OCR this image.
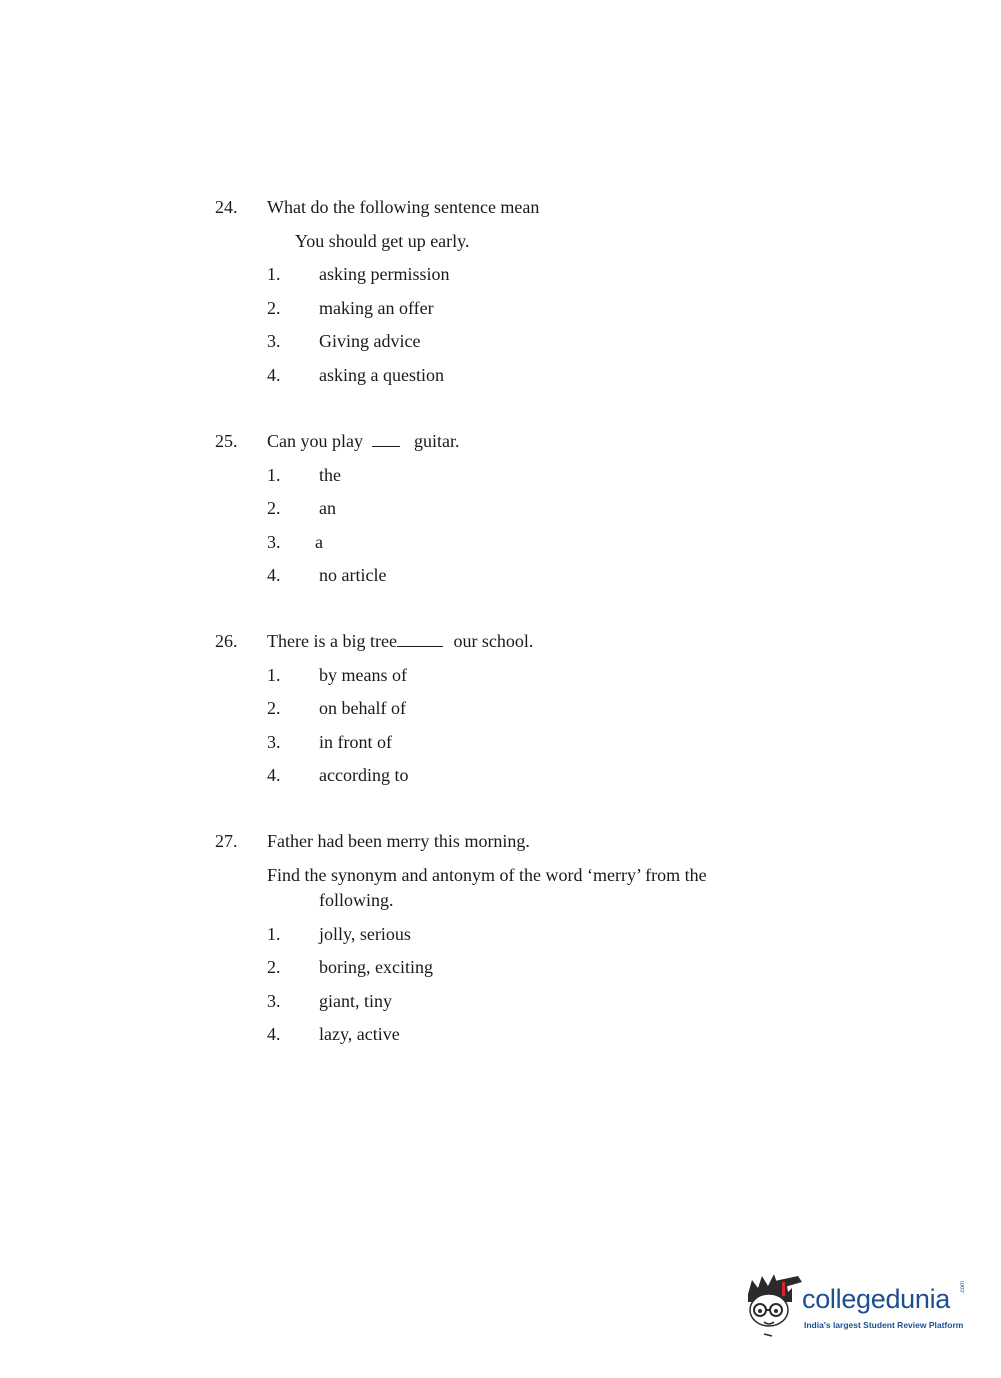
24. What do the following sentence mean
You should get up early.
1. asking permission
2. making an offer
3. Giving advice
4. asking a question
25. Can you play	guitar.
1. the
2. an
3. a
4. no article
26. There is a big tree	our school.
1. by means of
2. on behalf of
3. in front of
4. according to
27. Father had been merry this morning.
Find the synonym and antonym of the word ‘merry’ from the
following.
1. jolly, serious
2. boring, exciting
3. giant, tiny
4. lazy, active
collegedunia .com
India's largest Student Review Platform
